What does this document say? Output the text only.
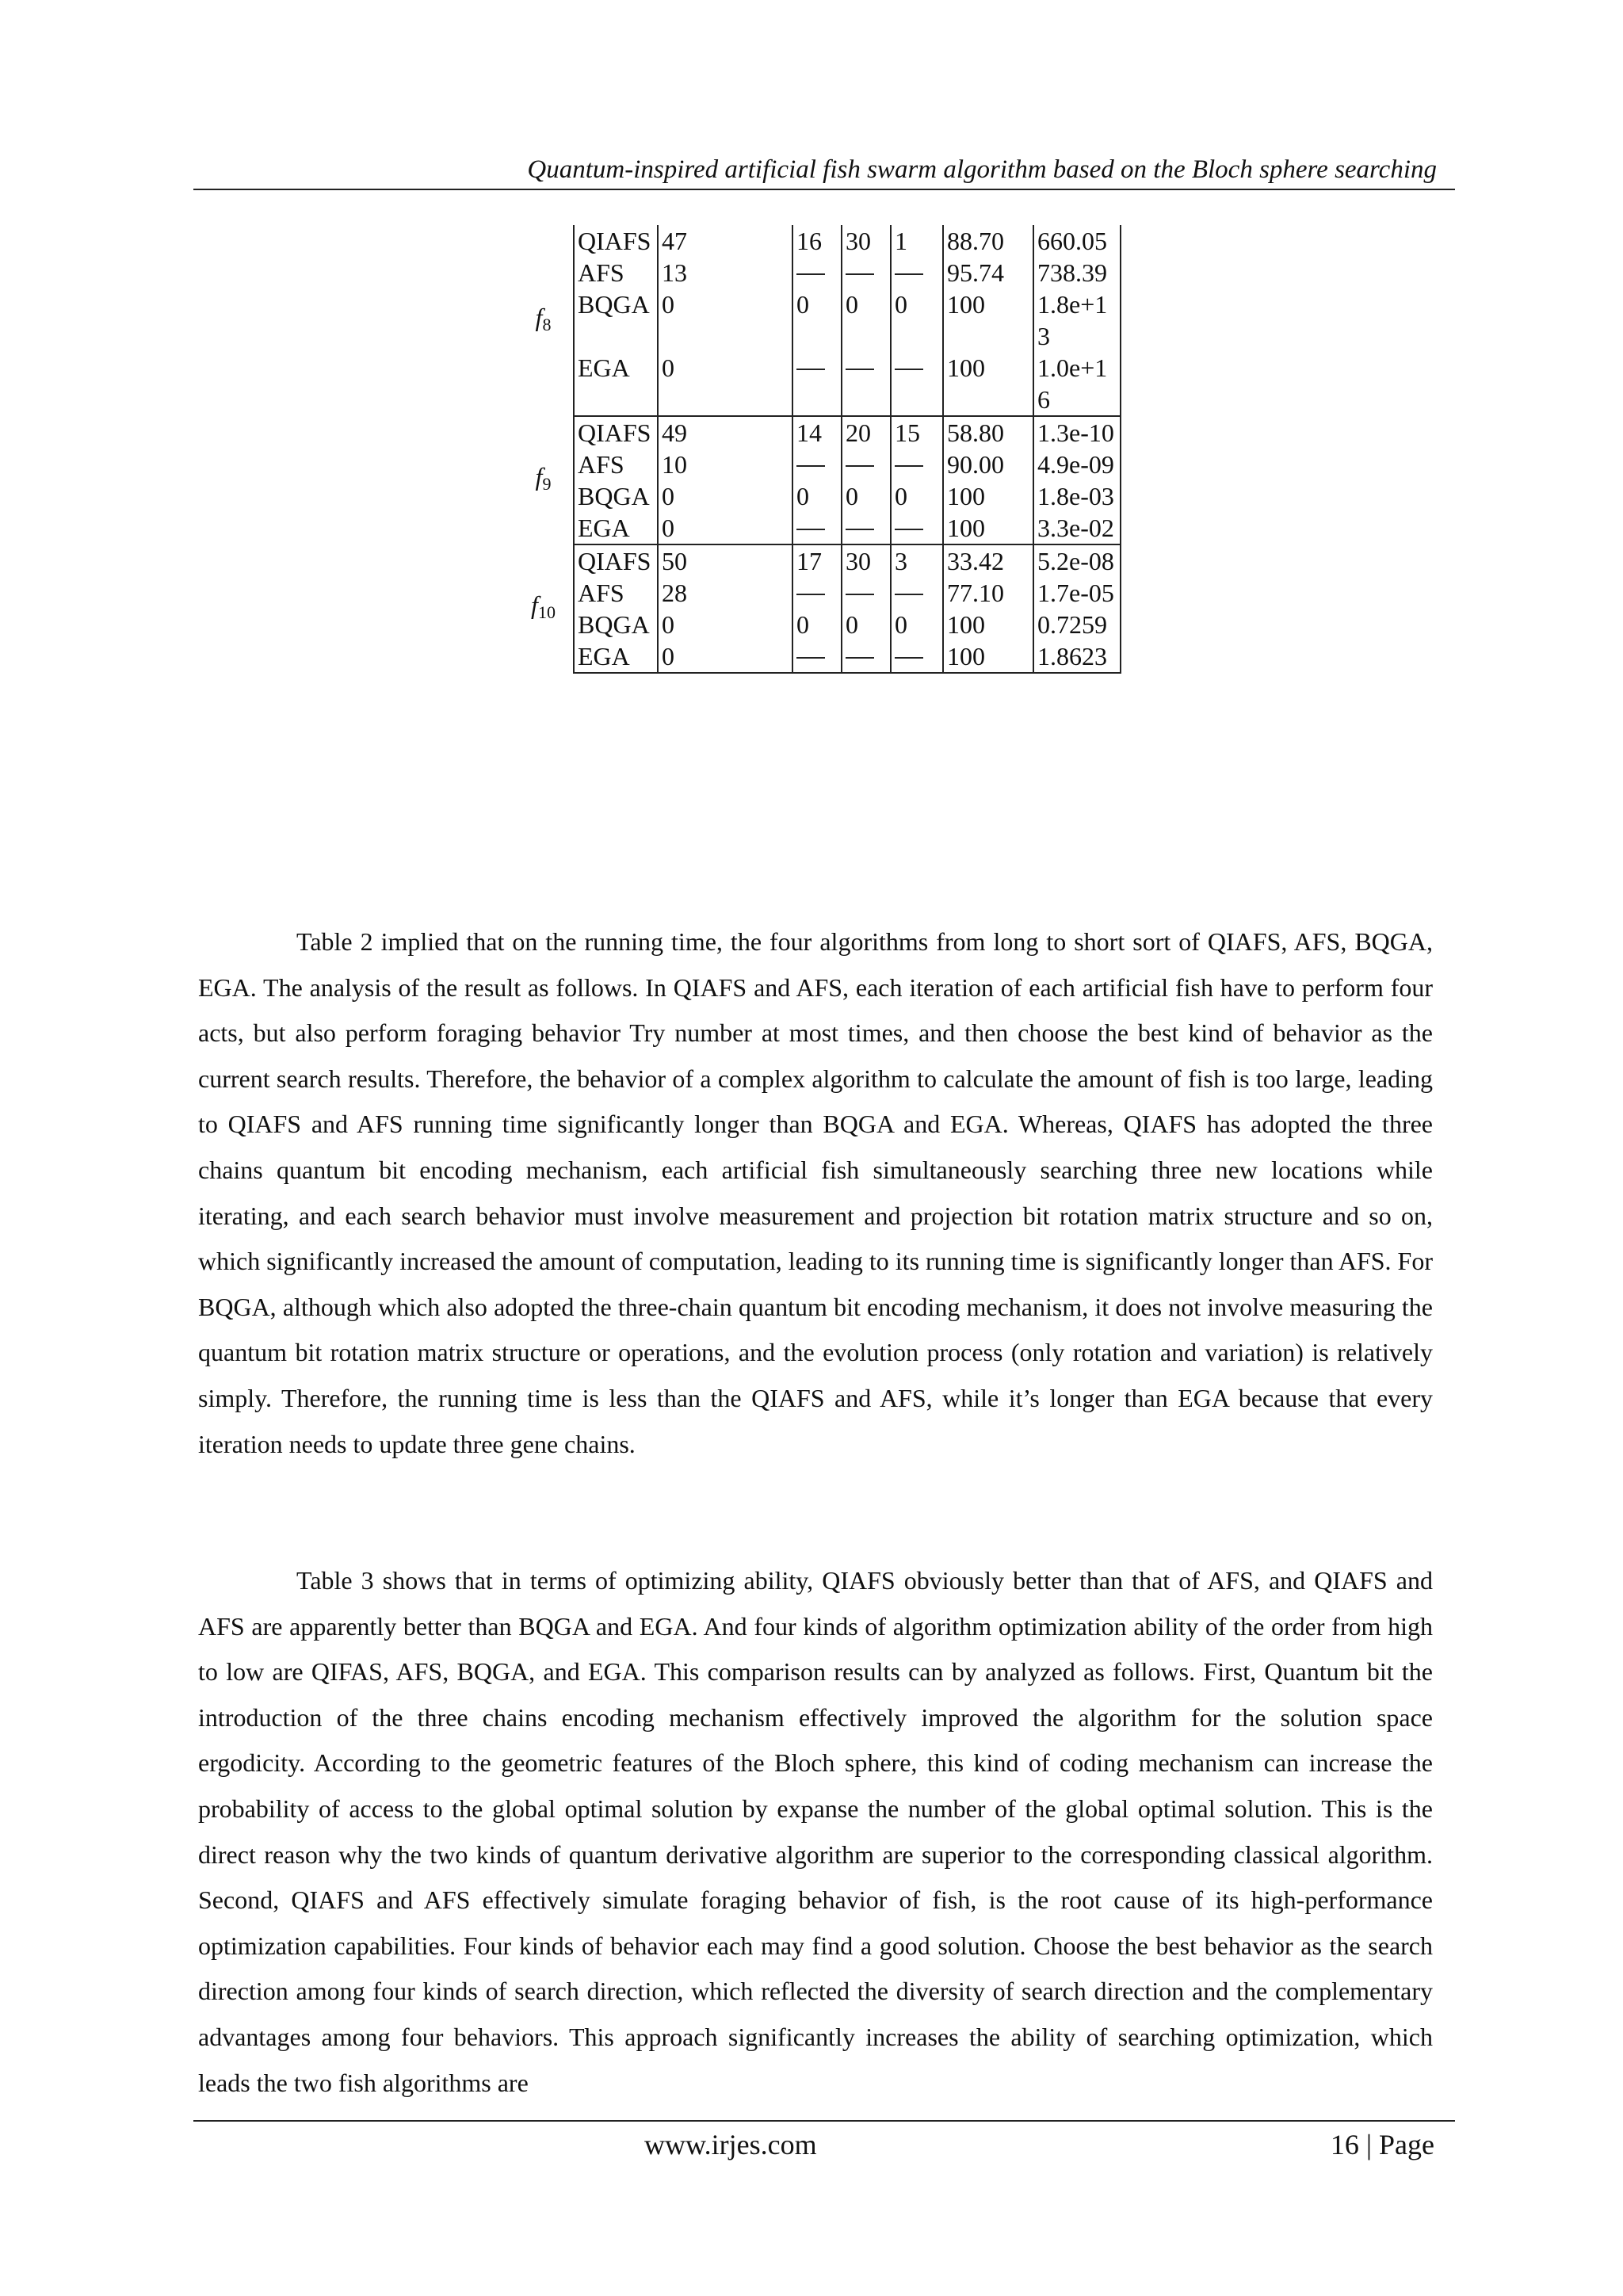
Quantum-inspired artificial fish swarm algorithm based on the Bloch sphere searching
$f_8$	QIAFS	47	16	30	1	88.70	660.05
	AFS	13				95.74	738.39
	BQGA	0	0	0	0	100	1.8e+13
	EGA	0				100	1.0e+16
$f_9$	QIAFS	49	14	20	15	58.80	1.3e-10
	AFS	10				90.00	4.9e-09
	BQGA	0	0	0	0	100	1.8e-03
	EGA	0				100	3.3e-02
$f_{10}$	QIAFS	50	17	30	3	33.42	5.2e-08
	AFS	28				77.10	1.7e-05
	BQGA	0	0	0	0	100	0.7259
	EGA	0				100	1.8623

Table 2 implied that on the running time, the four algorithms from long to short sort of QIAFS, AFS, BQGA, EGA. The analysis of the result as follows. In QIAFS and AFS, each iteration of each artificial fish have to perform four acts, but also perform foraging behavior Try number at most times, and then choose the best kind of behavior as the current search results. Therefore, the behavior of a complex algorithm to calculate the amount of fish is too large, leading to QIAFS and AFS running time significantly longer than BQGA and EGA. Whereas, QIAFS has adopted the three chains quantum bit encoding mechanism, each artificial fish simultaneously searching three new locations while iterating, and each search behavior must involve measurement and projection bit rotation matrix structure and so on, which significantly increased the amount of computation, leading to its running time is significantly longer than AFS. For BQGA, although which also adopted the three-chain quantum bit encoding mechanism, it does not involve measuring the quantum bit rotation matrix structure or operations, and the evolution process (only rotation and variation) is relatively simply. Therefore, the running time is less than the QIAFS and AFS, while it’s longer than EGA because that every iteration needs to update three gene chains.

Table 3 shows that in terms of optimizing ability, QIAFS obviously better than that of AFS, and QIAFS and AFS are apparently better than BQGA and EGA. And four kinds of algorithm optimization ability of the order from high to low are QIFAS, AFS, BQGA, and EGA. This comparison results can by analyzed as follows. First, Quantum bit the introduction of the three chains encoding mechanism effectively improved the algorithm for the solution space ergodicity. According to the geometric features of the Bloch sphere, this kind of coding mechanism can increase the probability of access to the global optimal solution by expanse the number of the global optimal solution. This is the direct reason why the two kinds of quantum derivative algorithm are superior to the corresponding classical algorithm. Second, QIAFS and AFS effectively simulate foraging behavior of fish, is the root cause of its high-performance optimization capabilities. Four kinds of behavior each may find a good solution. Choose the best behavior as the search direction among four kinds of search direction, which reflected the diversity of search direction and the complementary advantages among four behaviors. This approach significantly increases the ability of searching optimization, which leads the two fish algorithms are

www.irjes.com	16 | Page
